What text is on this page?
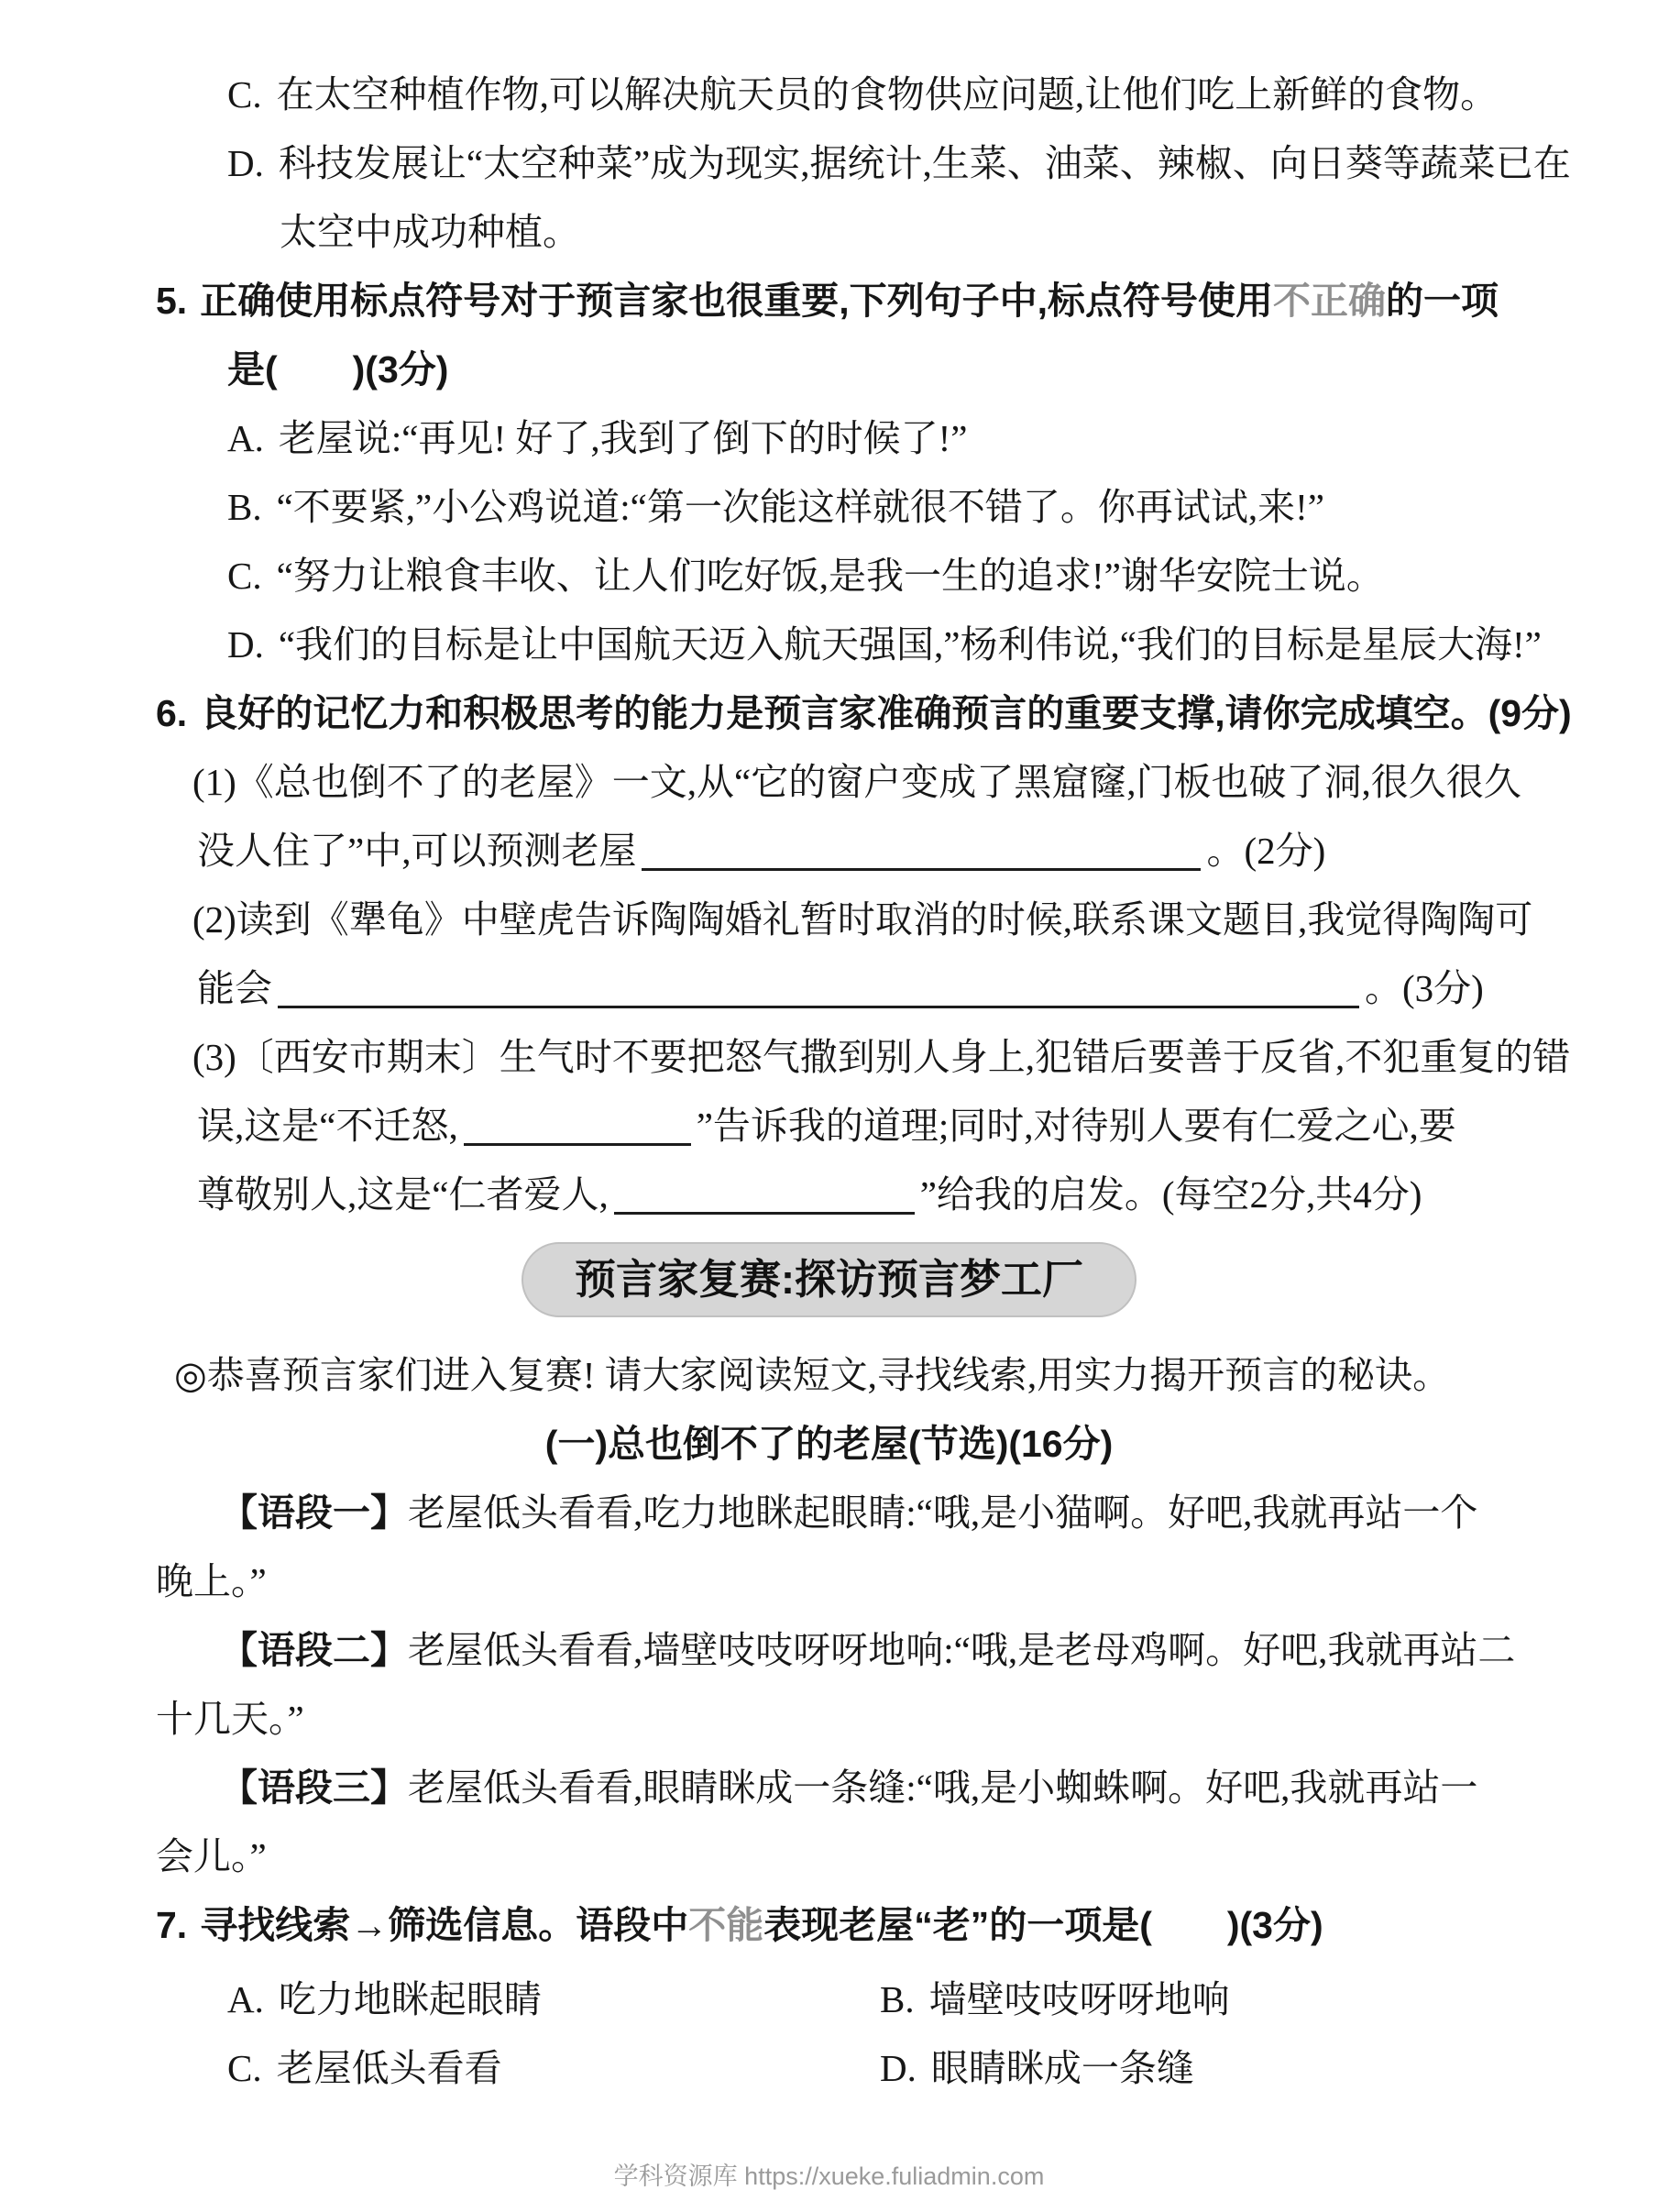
C. 在太空种植作物,可以解决航天员的食物供应问题,让他们吃上新鲜的食物。
D. 科技发展让“太空种菜”成为现实,据统计,生菜、油菜、辣椒、向日葵等蔬菜已在
太空中成功种植。
5. 正确使用标点符号对于预言家也很重要,下列句子中,标点符号使用不正确的一项
是(　　)(3分)
A. 老屋说:“再见! 好了,我到了倒下的时候了!”
B. “不要紧,”小公鸡说道:“第一次能这样就很不错了。你再试试,来!”
C. “努力让粮食丰收、让人们吃好饭,是我一生的追求!”谢华安院士说。
D. “我们的目标是让中国航天迈入航天强国,”杨利伟说,“我们的目标是星辰大海!”
6. 良好的记忆力和积极思考的能力是预言家准确预言的重要支撑,请你完成填空。(9分)
(1)《总也倒不了的老屋》一文,从“它的窗户变成了黑窟窿,门板也破了洞,很久很久
没人住了”中,可以预测老屋	。(2分)
(2)读到《犟龟》中壁虎告诉陶陶婚礼暂时取消的时候,联系课文题目,我觉得陶陶可
能会	。(3分)
(3)〔西安市期末〕生气时不要把怒气撒到别人身上,犯错后要善于反省,不犯重复的错
误,这是“不迁怒,	”告诉我的道理;同时,对待别人要有仁爱之心,要
尊敬别人,这是“仁者爱人,	”给我的启发。(每空2分,共4分)
预言家复赛:探访预言梦工厂
◎恭喜预言家们进入复赛! 请大家阅读短文,寻找线索,用实力揭开预言的秘诀。
(一)总也倒不了的老屋(节选)(16分)
【语段一】老屋低头看看,吃力地眯起眼睛:“哦,是小猫啊。好吧,我就再站一个
晚上。”
【语段二】老屋低头看看,墙壁吱吱呀呀地响:“哦,是老母鸡啊。好吧,我就再站二
十几天。”
【语段三】老屋低头看看,眼睛眯成一条缝:“哦,是小蜘蛛啊。好吧,我就再站一
会儿。”
7. 寻找线索→筛选信息。语段中不能表现老屋“老”的一项是(　　)(3分)
A. 吃力地眯起眼睛	B. 墙壁吱吱呀呀地响
C. 老屋低头看看	D. 眼睛眯成一条缝
学科资源库 https://xueke.fuliadmin.com
